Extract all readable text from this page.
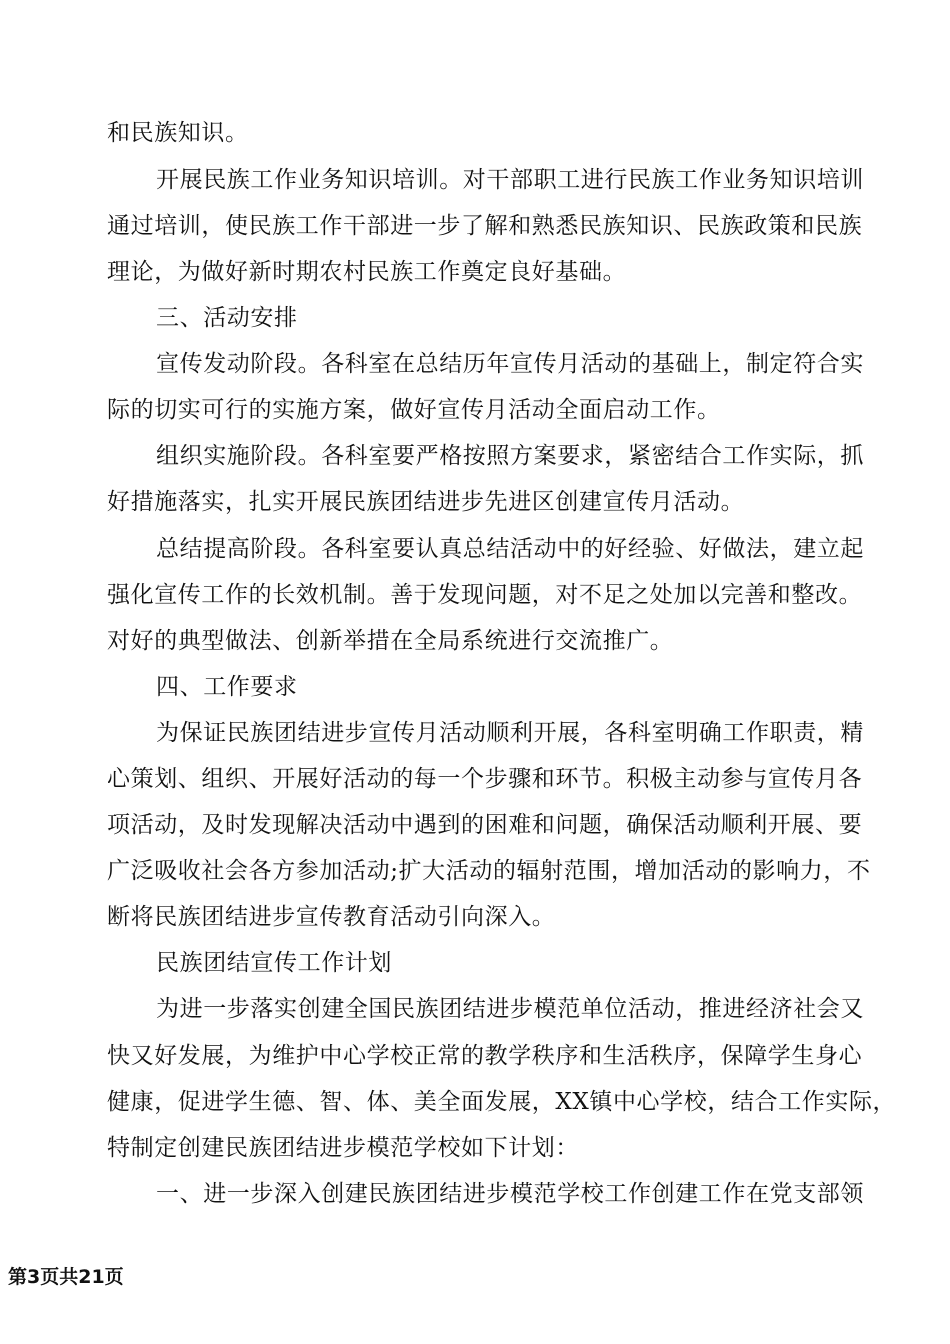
和民族知识。
开展民族工作业务知识培训。对干部职工进行民族工作业务知识培训
通过培训，使民族工作干部进一步了解和熟悉民族知识、民族政策和民族
理论，为做好新时期农村民族工作奠定良好基础。
三、活动安排
宣传发动阶段。各科室在总结历年宣传月活动的基础上，制定符合实
际的切实可行的实施方案，做好宣传月活动全面启动工作。
组织实施阶段。各科室要严格按照方案要求，紧密结合工作实际，抓
好措施落实，扎实开展民族团结进步先进区创建宣传月活动。
总结提高阶段。各科室要认真总结活动中的好经验、好做法，建立起
强化宣传工作的长效机制。善于发现问题，对不足之处加以完善和整改。
对好的典型做法、创新举措在全局系统进行交流推广。
四、工作要求
为保证民族团结进步宣传月活动顺利开展，各科室明确工作职责，精
心策划、组织、开展好活动的每一个步骤和环节。积极主动参与宣传月各
项活动，及时发现解决活动中遇到的困难和问题，确保活动顺利开展、要
广泛吸收社会各方参加活动;扩大活动的辐射范围，增加活动的影响力，不
断将民族团结进步宣传教育活动引向深入。
民族团结宣传工作计划
为进一步落实创建全国民族团结进步模范单位活动，推进经济社会又
快又好发展，为维护中心学校正常的教学秩序和生活秩序，保障学生身心
健康，促进学生德、智、体、美全面发展，XX镇中心学校，结合工作实际，
特制定创建民族团结进步模范学校如下计划：
一、进一步深入创建民族团结进步模范学校工作创建工作在党支部领
第3页共21页
